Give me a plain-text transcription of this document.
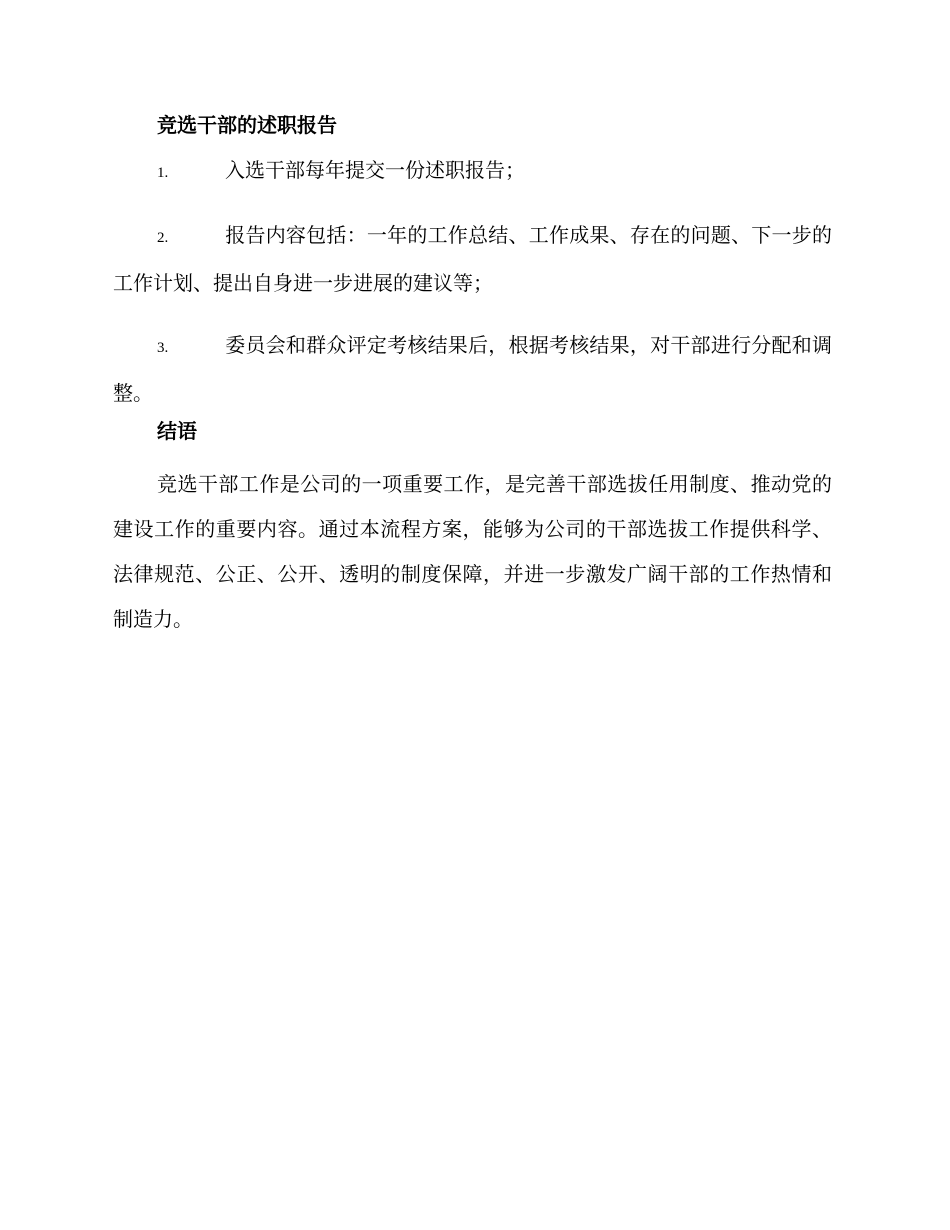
竞选干部的述职报告

1.	入选干部每年提交一份述职报告；

2.	报告内容包括：一年的工作总结、工作成果、存在的问题、下一步的工作计划、提出自身进一步进展的建议等；

3.	委员会和群众评定考核结果后，根据考核结果，对干部进行分配和调整。

结语

竞选干部工作是公司的一项重要工作，是完善干部选拔任用制度、推动党的建设工作的重要内容。通过本流程方案，能够为公司的干部选拔工作提供科学、法律规范、公正、公开、透明的制度保障，并进一步激发广阔干部的工作热情和制造力。
